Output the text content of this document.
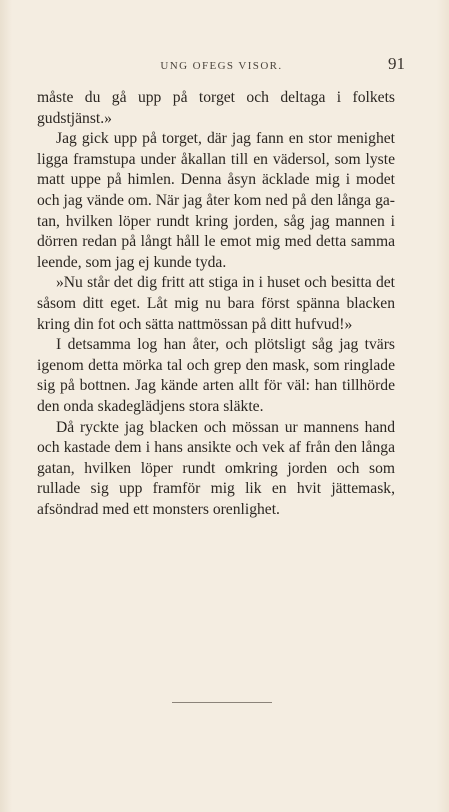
UNG OFEGS VISOR.	91

måste du gå upp på torget och deltaga i folkets gudstjänst.»

Jag gick upp på torget, där jag fann en stor menighet ligga framstupa under åkallan till en vädersol, som lyste matt uppe på himlen. Denna åsyn äcklade mig i modet och jag vände om. När jag åter kom ned på den långa gatan, hvilken löper rundt kring jorden, såg jag mannen i dörren redan på långt håll le emot mig med detta samma leende, som jag ej kunde tyda.

»Nu står det dig fritt att stiga in i huset och besitta det såsom ditt eget. Låt mig nu bara först spänna blacken kring din fot och sätta nattmössan på ditt hufvud!»

I detsamma log han åter, och plötsligt såg jag tvärs igenom detta mörka tal och grep den mask, som ringlade sig på bottnen. Jag kände arten allt för väl: han tillhörde den onda skadeglädjens stora släkte.

Då ryckte jag blacken och mössan ur mannens hand och kastade dem i hans ansikte och vek af från den långa gatan, hvilken löper rundt omkring jorden och som rullade sig upp framför mig lik en hvit jättemask, afsöndrad med ett monsters orenlighet.
